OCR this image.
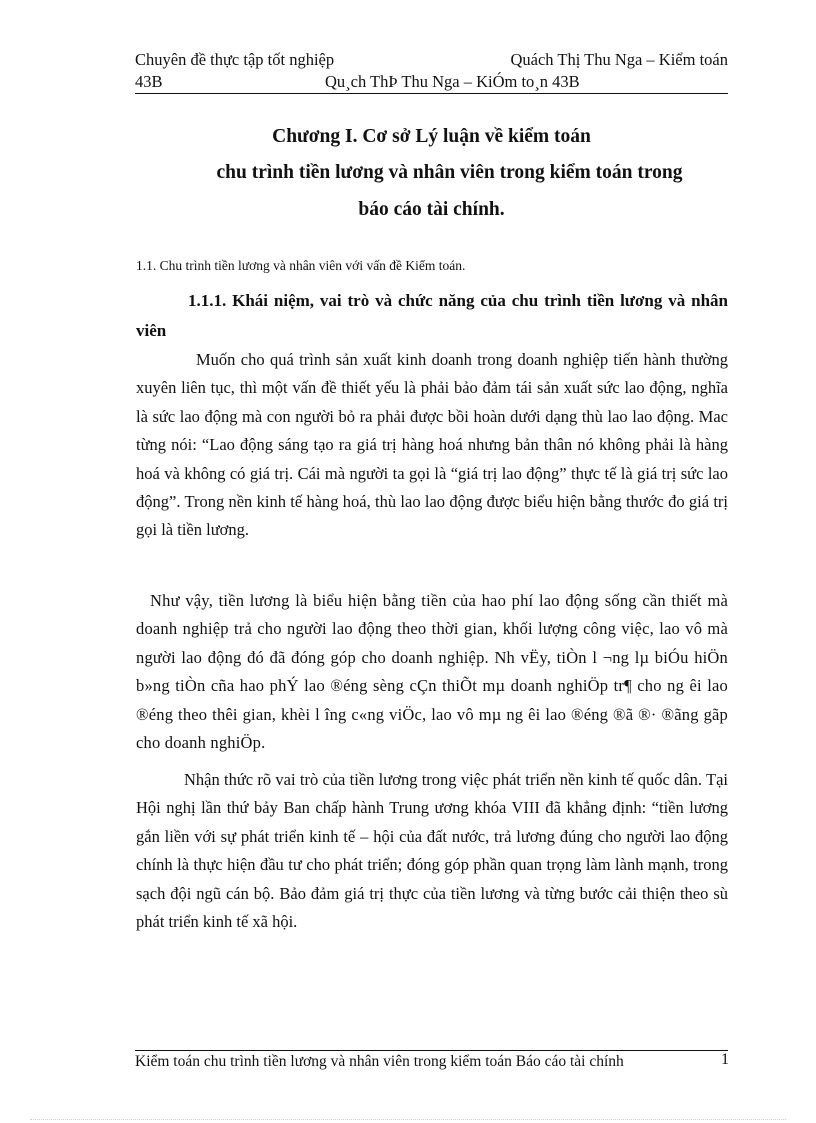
Chuyên đề thực tập tốt nghiệp	Quách Thị Thu Nga – Kiểm toán
43B	Qu¸ch ThÞ Thu Nga – KiÓm to¸n 43B
Chương I. Cơ sở Lý luận về kiểm toán
chu trình tiền lương và nhân viên trong kiểm toán trong
báo cáo tài chính.
1.1. Chu trình tiền lương và nhân viên với vấn đề Kiểm toán.
1.1.1. Khái niệm, vai trò và chức năng của chu trình tiền lương và nhân viên
Muốn cho quá trình sản xuất kinh doanh trong doanh nghiệp tiến hành thường xuyên liên tục, thì một vấn đề thiết yếu là phải bảo đảm tái sản xuất sức lao động, nghĩa là sức lao động mà con người bỏ ra phải được bồi hoàn dưới dạng thù lao lao động. Mac từng nói: “Lao động sáng tạo ra giá trị hàng hoá nhưng bản thân nó không phải là hàng hoá và không có giá trị. Cái mà người ta gọi là “giá trị lao động” thực tế là giá trị sức lao động”. Trong nền kinh tế hàng hoá, thù lao lao động được biểu hiện bằng thước đo giá trị gọi là tiền lương.
Như vậy, tiền lương là biểu hiện bằng tiền của hao phí lao động sống cần thiết mà doanh nghiệp trả cho người lao động theo thời gian, khối lượng công việc, lao vô mà người lao động đó đã đóng góp cho doanh nghiệp. Nh vËy, tiÒn l ¬ng lµ biÓu hiÖn b»ng tiÒn cña hao phÝ lao ®éng sèng cÇn thiÕt mµ doanh nghiÖp tr¶ cho ng êi lao ®éng theo thêi gian, khèi l îng c«ng viÖc, lao vô mµ ng êi lao ®éng ®ã ®· ®ãng gãp cho doanh nghiÖp.
Nhận thức rõ vai trò của tiền lương trong việc phát triển nền kinh tế quốc dân. Tại Hội nghị lần thứ bảy Ban chấp hành Trung ương khóa VIII đã khẳng định: “tiền lương gắn liền với sự phát triển kinh tế – hội của đất nước, trả lương đúng cho người lao động chính là thực hiện đầu tư cho phát triển; đóng góp phần quan trọng làm lành mạnh, trong sạch đội ngũ cán bộ. Bảo đảm giá trị thực của tiền lương và từng bước cải thiện theo sù phát triển kinh tế xã hội.
Kiểm toán chu trình tiền lương và nhân viên trong kiểm toán Báo cáo tài chính	1
